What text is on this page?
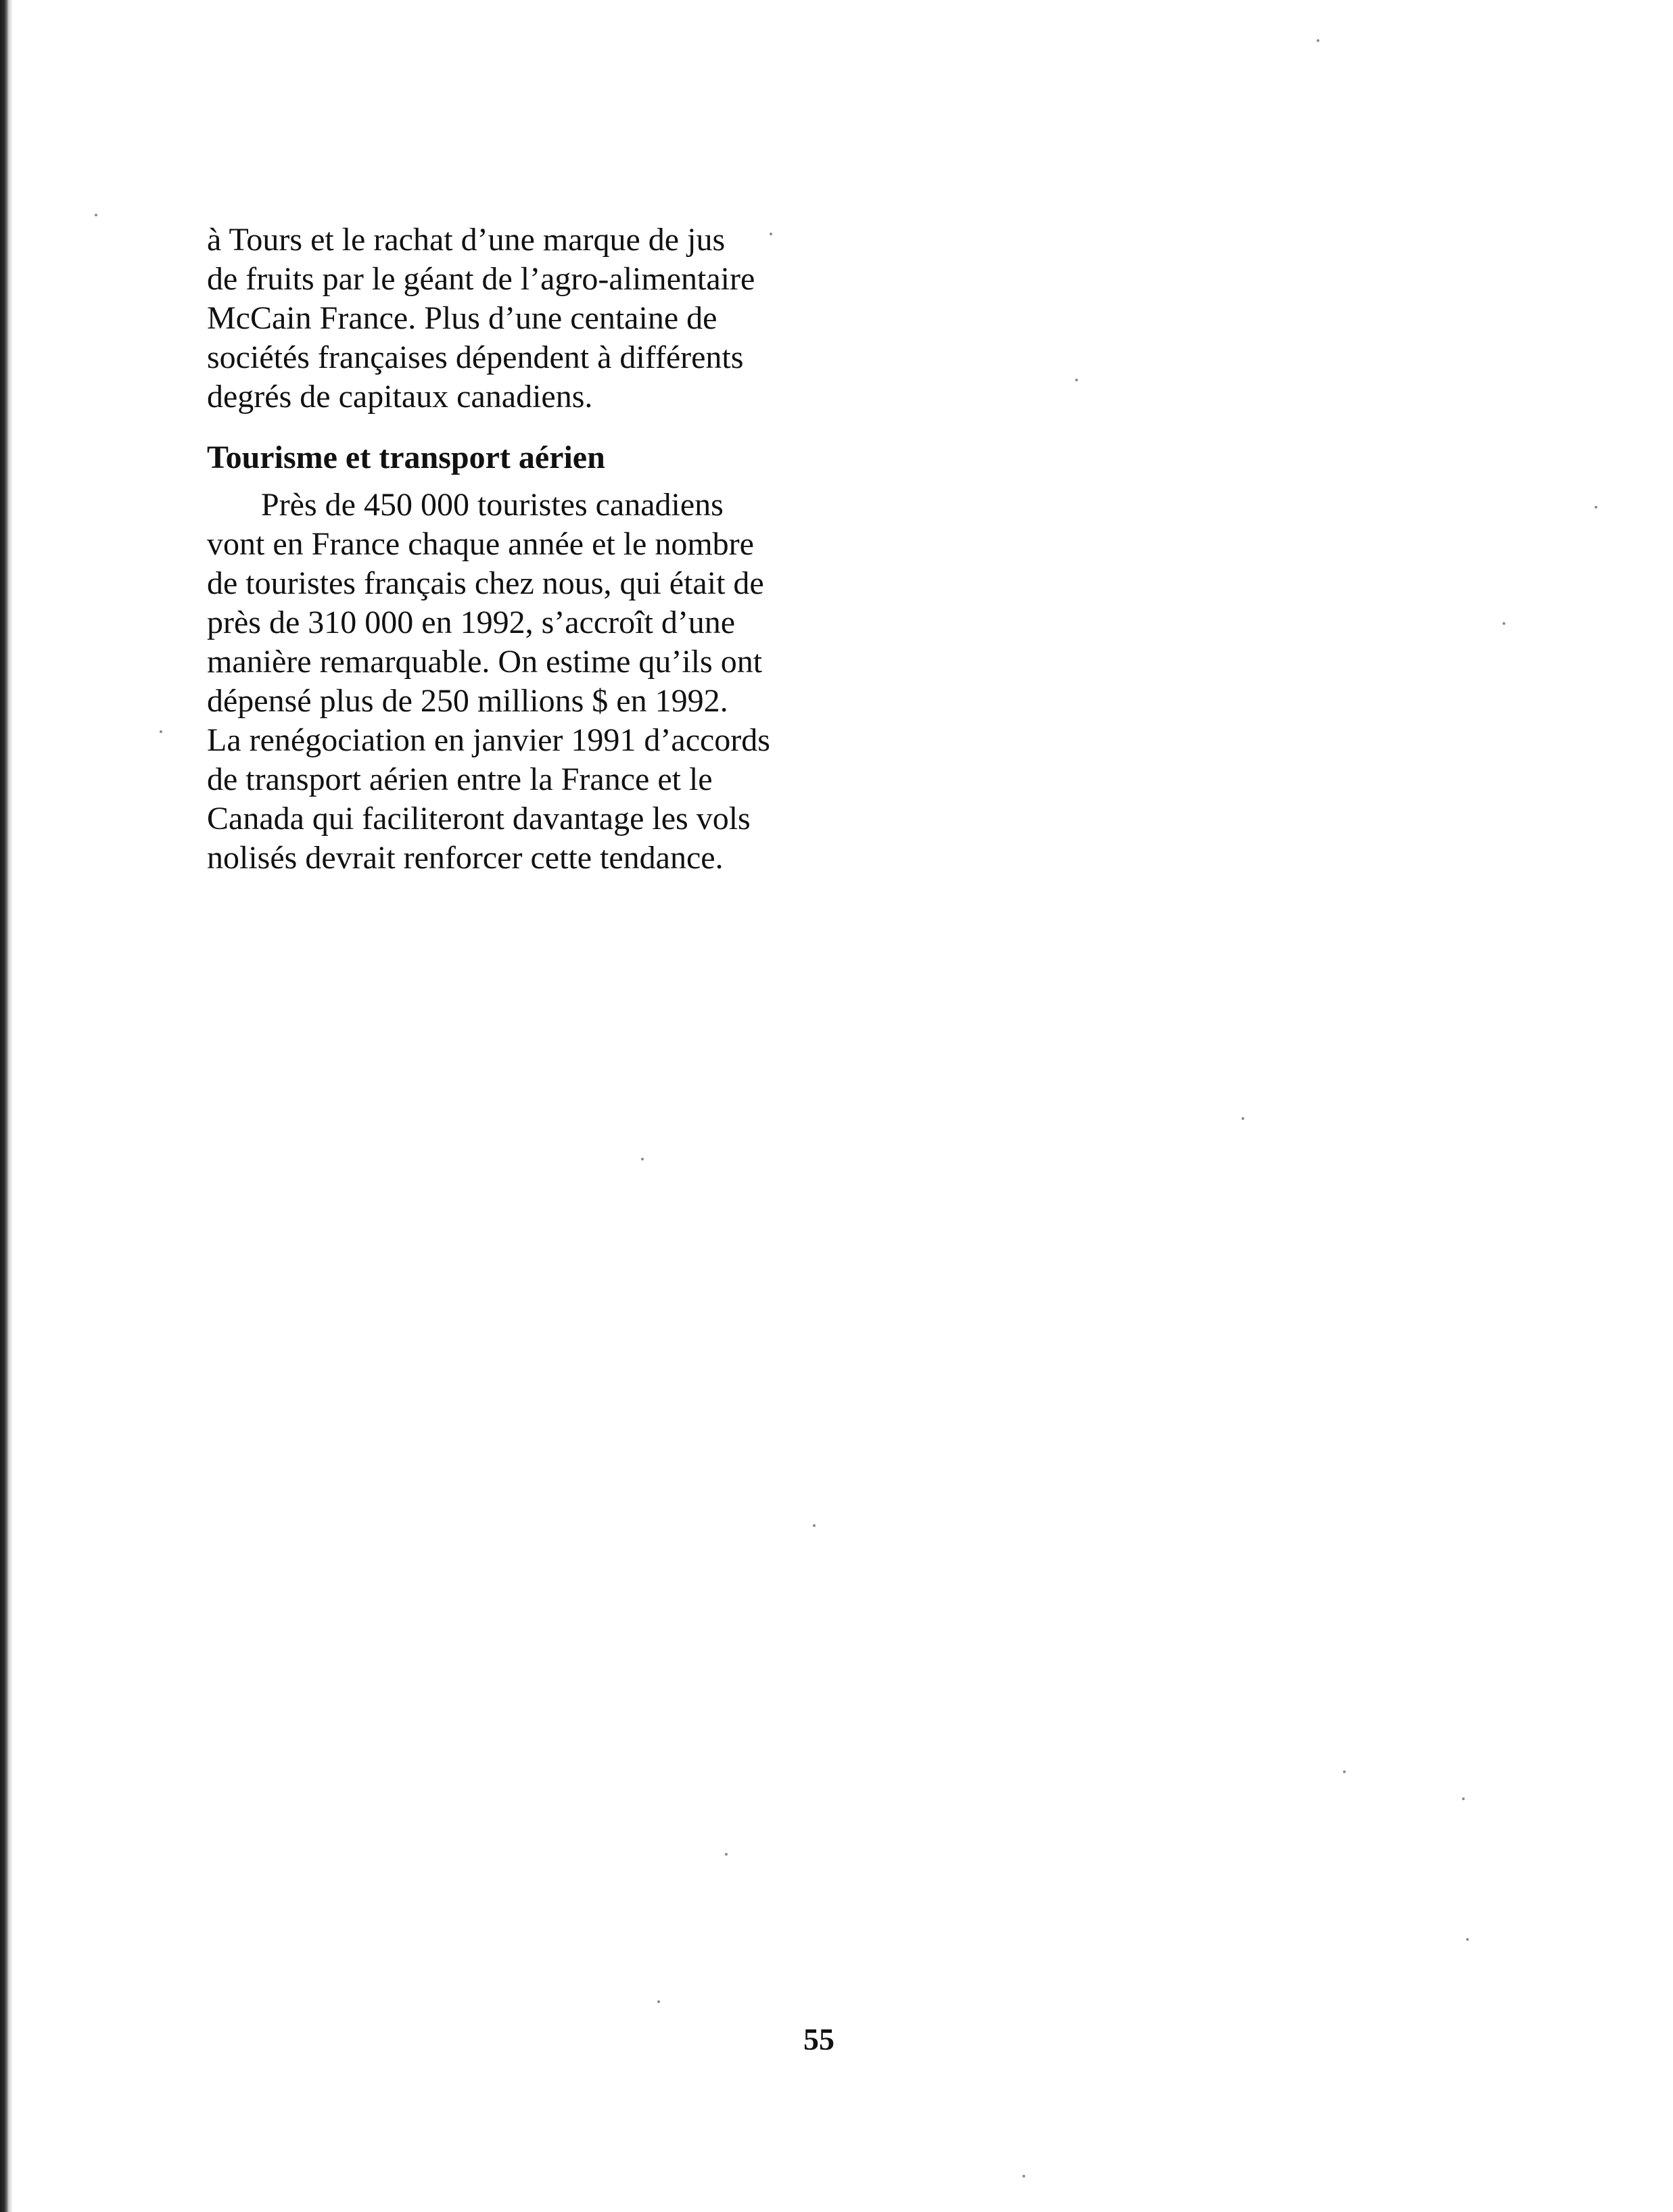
à Tours et le rachat d’une marque de jus

de fruits par le géant de l’agro-alimentaire

McCain France. Plus d’une centaine de

sociétés françaises dépendent à différents

degrés de capitaux canadiens.

Tourisme et transport aérien

Près de 450 000 touristes canadiens

vont en France chaque année et le nombre

de touristes français chez nous, qui était de

près de 310 000 en 1992, s’accroît d’une

manière remarquable. On estime qu’ils ont

dépensé plus de 250 millions $ en 1992.

La renégociation en janvier 1991 d’accords

de transport aérien entre la France et le

Canada qui faciliteront davantage les vols

nolisés devrait renforcer cette tendance.

55
